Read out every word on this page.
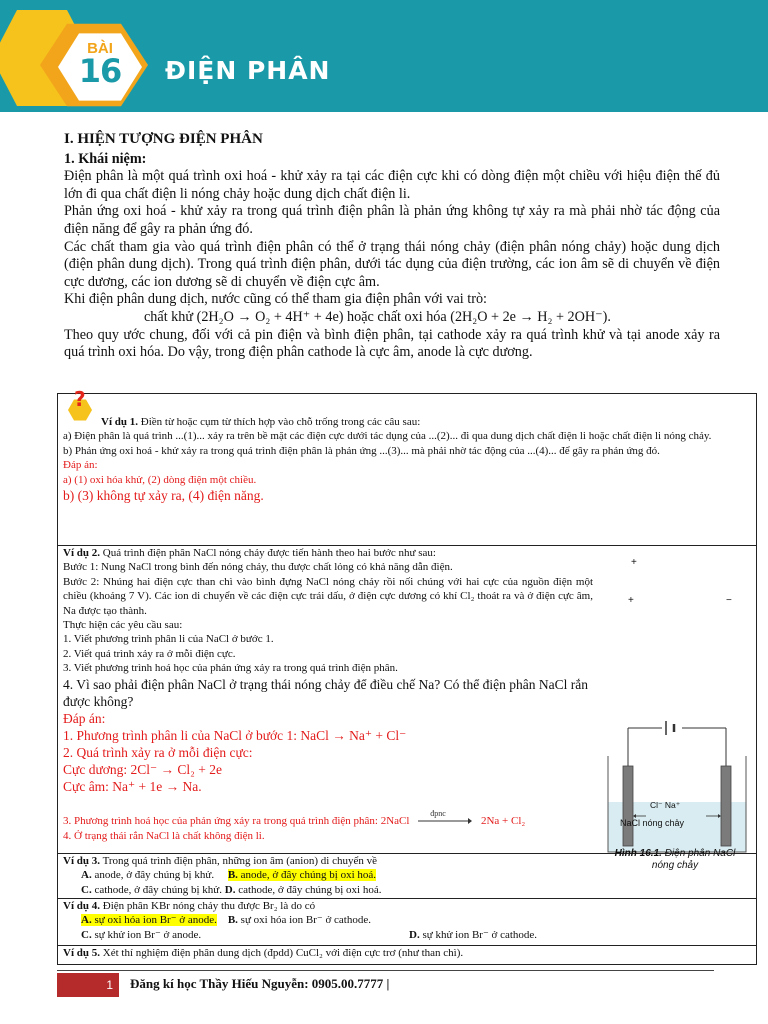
BÀI
16	ĐIỆN PHÂN

I. HIỆN TƯỢNG ĐIỆN PHÂN

1. Khái niệm:

Điện phân là một quá trình oxi hoá - khử xảy ra tại các điện cực khi có dòng điện một chiều với hiệu điện thế đủ lớn đi qua chất điện li nóng chảy hoặc dung dịch chất điện li.

Phản ứng oxi hoá - khử xảy ra trong quá trình điện phân là phản ứng không tự xảy ra mà phải nhờ tác động của điện năng để gây ra phản ứng đó.

Các chất tham gia vào quá trình điện phân có thể ở trạng thái nóng chảy (điện phân nóng chảy) hoặc dung dịch (điện phân dung dịch). Trong quá trình điện phân, dưới tác dụng của điện trường, các ion âm sẽ di chuyển về điện cực dương, các ion dương sẽ di chuyển về điện cực âm.

Khi điện phân dung dịch, nước cũng có thể tham gia điện phân với vai trò:

chất khử (2H₂O → O₂ + 4H⁺ + 4e) hoặc chất oxi hóa (2H₂O + 2e → H₂ + 2OH⁻).

Theo quy ước chung, đối với cả pin điện và bình điện phân, tại cathode xảy ra quá trình khử và tại anode xảy ra quá trình oxi hóa. Do vậy, trong điện phân cathode là cực âm, anode là cực dương.

?
Ví dụ 1. Điền từ hoặc cụm từ thích hợp vào chỗ trống trong các câu sau:
a) Điện phân là quá trình ...(1)... xảy ra trên bề mặt các điện cực dưới tác dụng của ...(2)... đi qua dung dịch chất điện li hoặc chất điện li nóng chảy.
b) Phản ứng oxi hoá - khử xảy ra trong quá trình điện phân là phản ứng ...(3)... mà phải nhờ tác động của ...(4)... để gây ra phản ứng đó.
Đáp án:
a) (1) oxi hóa khử, (2) dòng điện một chiều.
b) (3) không tự xảy ra, (4) điện năng.
Ví dụ 2. Quá trình điện phân NaCl nóng chảy được tiến hành theo hai bước như sau:
Bước 1: Nung NaCl trong bình đến nóng chảy, thu được chất lỏng có khả năng dẫn điện.
Bước 2: Nhúng hai điện cực than chì vào bình đựng NaCl nóng chảy rồi nối chúng với hai cực của nguồn điện một chiều (khoảng 7 V). Các ion di chuyển về các điện cực trái dấu, ở điện cực dương có khí Cl₂ thoát ra và ở điện cực âm, Na được tạo thành.
Thực hiện các yêu cầu sau:
1. Viết phương trình phân li của NaCl ở bước 1.
2. Viết quá trình xảy ra ở mỗi điện cực.
3. Viết phương trình hoá học của phản ứng xảy ra trong quá trình điện phân.
4. Vì sao phải điện phân NaCl ở trạng thái nóng chảy để điều chế Na? Có thể điện phân NaCl rắn được không?
Đáp án:
1. Phương trình phân li của NaCl ở bước 1: NaCl → Na⁺ + Cl⁻
2. Quá trình xảy ra ở mỗi điện cực:
Cực dương: 2Cl⁻ → Cl₂ + 2e
Cực âm: Na⁺ + 1e → Na.
3. Phương trình hoá học của phản ứng xảy ra trong quá trình điện phân: 2NaCl
đpnc
2Na + Cl₂
4. Ở trạng thái rắn NaCl là chất không điện li.
+
+	−
Cl⁻ Na⁺
NaCl nóng chảy
Hình 16.1. Điện phân NaCl nóng chảy
Ví dụ 3. Trong quá trình điện phân, những ion âm (anion) di chuyển về
A. anode, ở đây chúng bị khử. B. anode, ở đây chúng bị oxi hoá.
C. cathode, ở đây chúng bị khử. D. cathode, ở đây chúng bị oxi hoá.
Ví dụ 4. Điện phân KBr nóng chảy thu được Br₂ là do có
A. sự oxi hóa ion Br⁻ ở anode. B. sự oxi hóa ion Br⁻ ở cathode.
C. sự khử ion Br⁻ ở anode.	D. sự khử ion Br⁻ ở cathode.
Ví dụ 5. Xét thí nghiệm điện phân dung dịch (đpdd) CuCl₂ với điện cực trơ (như than chì).
1	Đăng kí học Thầy Hiếu Nguyễn: 0905.00.7777 |
